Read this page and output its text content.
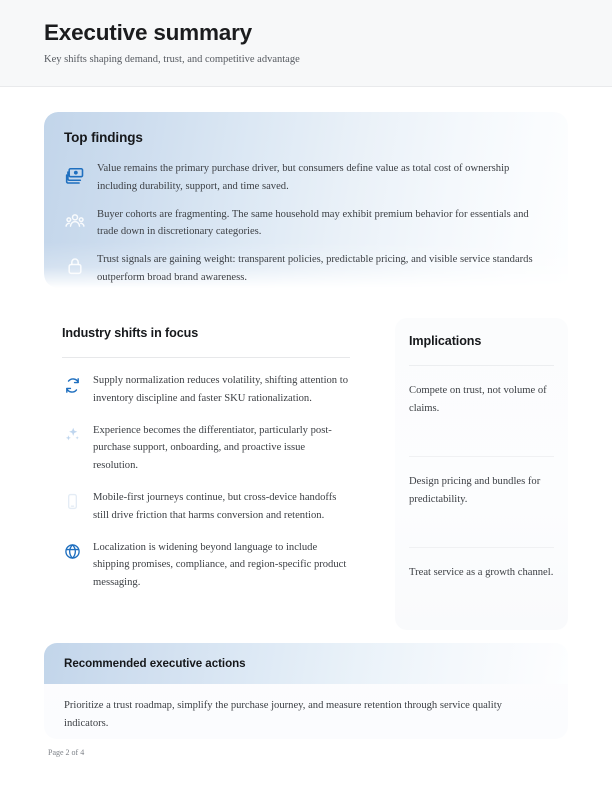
Executive summary
Key shifts shaping demand, trust, and competitive advantage
Top findings
Value remains the primary purchase driver, but consumers define value as total cost of ownership including durability, support, and time saved.
Buyer cohorts are fragmenting. The same household may exhibit premium behavior for essentials and trade down in discretionary categories.
Trust signals are gaining weight: transparent policies, predictable pricing, and visible service standards outperform broad brand awareness.
Industry shifts in focus
Supply normalization reduces volatility, shifting attention to inventory discipline and faster SKU rationalization.
Experience becomes the differentiator, particularly post-purchase support, onboarding, and proactive issue resolution.
Mobile-first journeys continue, but cross-device handoffs still drive friction that harms conversion and retention.
Localization is widening beyond language to include shipping promises, compliance, and region-specific product messaging.
Implications
Compete on trust, not volume of claims.
Design pricing and bundles for predictability.
Treat service as a growth channel.
Recommended executive actions
Prioritize a trust roadmap, simplify the purchase journey, and measure retention through service quality indicators.
Page 2 of 4
